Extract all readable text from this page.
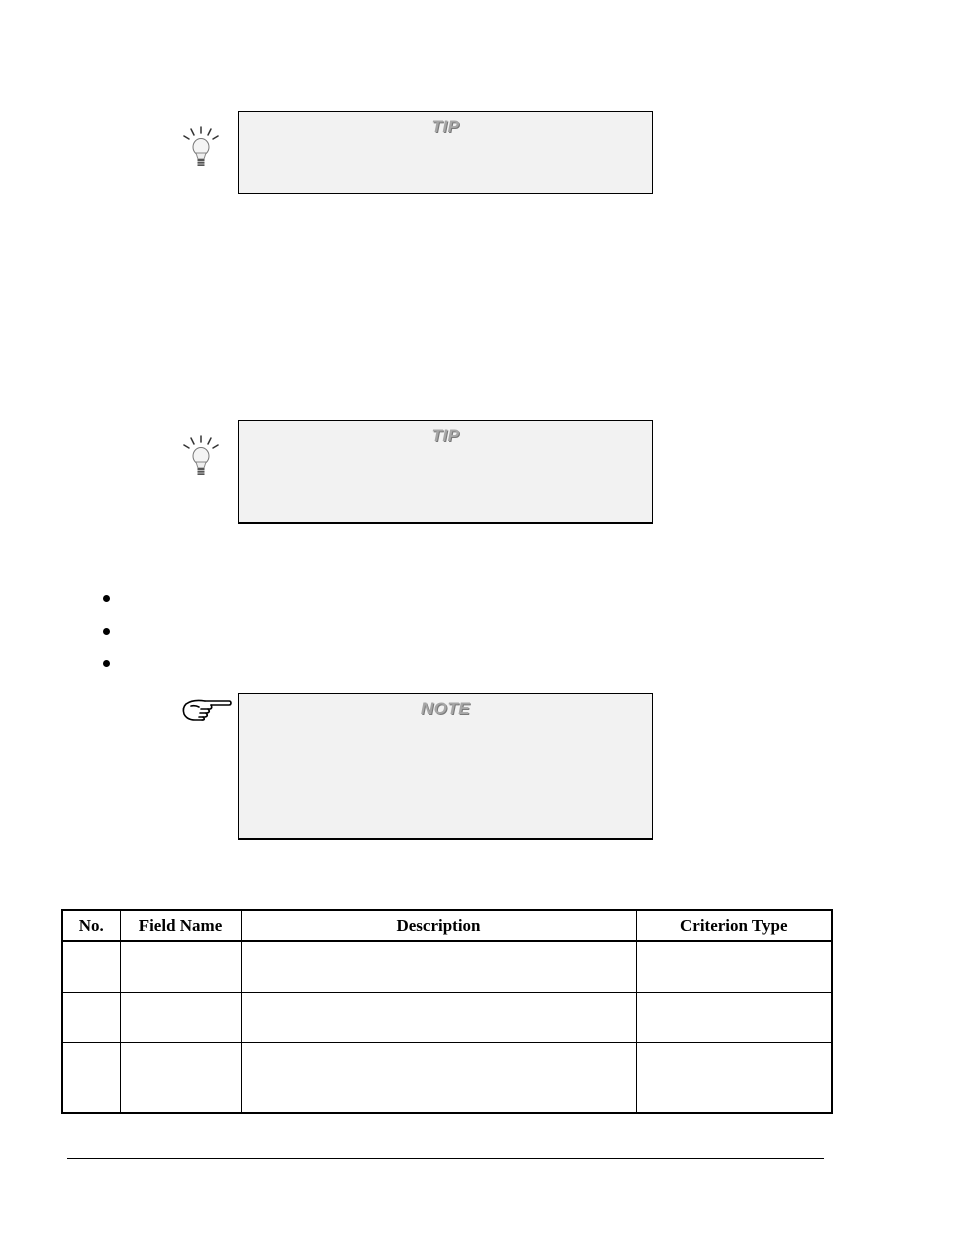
TIP
TIP
NOTE
No.	Field Name	Description	Criterion Type
